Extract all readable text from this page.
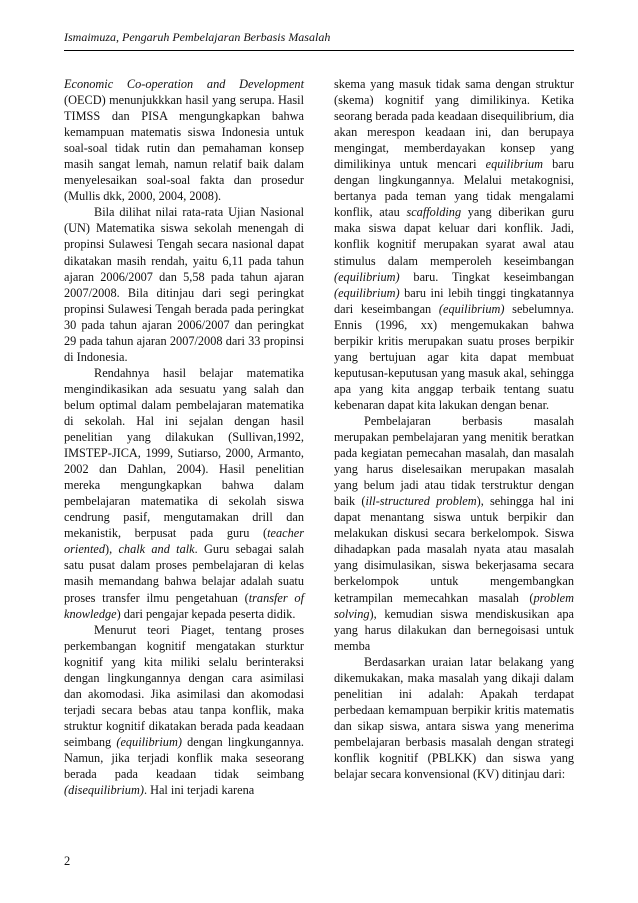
Ismaimuza, Pengaruh Pembelajaran Berbasis Masalah

Economic Co-operation and Development (OECD) menunjukkkan hasil yang serupa. Hasil TIMSS dan PISA mengungkapkan bahwa kemampuan matematis siswa Indonesia untuk soal-soal tidak rutin dan pemahaman konsep masih sangat lemah, namun relatif baik dalam menyelesaikan soal-soal fakta dan prosedur (Mullis dkk, 2000, 2004, 2008).

Bila dilihat nilai rata-rata Ujian Nasional (UN) Matematika siswa sekolah menengah di propinsi Sulawesi Tengah secara nasional dapat dikatakan masih rendah, yaitu 6,11 pada tahun ajaran 2006/2007 dan 5,58 pada tahun ajaran 2007/2008. Bila ditinjau dari segi peringkat propinsi Sulawesi Tengah berada pada peringkat 30 pada tahun ajaran 2006/2007 dan peringkat 29 pada tahun ajaran 2007/2008 dari 33 propinsi di Indonesia.

Rendahnya hasil belajar matematika mengindikasikan ada sesuatu yang salah dan belum optimal dalam pembelajaran matematika di sekolah. Hal ini sejalan dengan hasil penelitian yang dilakukan (Sullivan,1992, IMSTEP-JICA, 1999, Sutiarso, 2000, Armanto, 2002 dan Dahlan, 2004). Hasil penelitian mereka mengungkapkan bahwa dalam pembelajaran matematika di sekolah siswa cendrung pasif, mengutamakan drill dan mekanistik, berpusat pada guru (teacher oriented), chalk and talk. Guru sebagai salah satu pusat dalam proses pembelajaran di kelas masih memandang bahwa belajar adalah suatu proses transfer ilmu pengetahuan (transfer of knowledge) dari pengajar kepada peserta didik.

Menurut teori Piaget, tentang proses perkembangan kognitif mengatakan sturktur kognitif yang kita miliki selalu berinteraksi dengan lingkungannya dengan cara asimilasi dan akomodasi. Jika asimilasi dan akomodasi terjadi secara bebas atau tanpa konflik, maka struktur kognitif dikatakan berada pada keadaan seimbang (equilibrium) dengan lingkungannya. Namun, jika terjadi konflik maka seseorang berada pada keadaan tidak seimbang (disequilibrium). Hal ini terjadi karena

skema yang masuk tidak sama dengan struktur (skema) kognitif yang dimilikinya. Ketika seorang berada pada keadaan disequilibrium, dia akan merespon keadaan ini, dan berupaya mengingat, memberdayakan konsep yang dimilikinya untuk mencari equilibrium baru dengan lingkungannya. Melalui metakognisi, bertanya pada teman yang tidak mengalami konflik, atau scaffolding yang diberikan guru maka siswa dapat keluar dari konflik. Jadi, konflik kognitif merupakan syarat awal atau stimulus dalam memperoleh keseimbangan (equilibrium) baru. Tingkat keseimbangan (equilibrium) baru ini lebih tinggi tingkatannya dari keseimbangan (equilibrium) sebelumnya. Ennis (1996, xx) mengemukakan bahwa berpikir kritis merupakan suatu proses berpikir yang bertujuan agar kita dapat membuat keputusan-keputusan yang masuk akal, sehingga apa yang kita anggap terbaik tentang suatu kebenaran dapat kita lakukan dengan benar.

Pembelajaran berbasis masalah merupakan pembelajaran yang menitik beratkan pada kegiatan pemecahan masalah, dan masalah yang harus diselesaikan merupakan masalah yang belum jadi atau tidak terstruktur dengan baik (ill-structured problem), sehingga hal ini dapat menantang siswa untuk berpikir dan melakukan diskusi secara berkelompok. Siswa dihadapkan pada masalah nyata atau masalah yang disimulasikan, siswa bekerjasama secara berkelompok untuk mengembangkan ketrampilan memecahkan masalah (problem solving), kemudian siswa mendiskusikan apa yang harus dilakukan dan bernegoisasi untuk memba

Berdasarkan uraian latar belakang yang dikemukakan, maka masalah yang dikaji dalam penelitian ini adalah: Apakah terdapat perbedaan kemampuan berpikir kritis matematis dan sikap siswa, antara siswa yang menerima pembelajaran berbasis masalah dengan strategi konflik kognitif (PBLKK) dan siswa yang belajar secara konvensional (KV) ditinjau dari:

2
